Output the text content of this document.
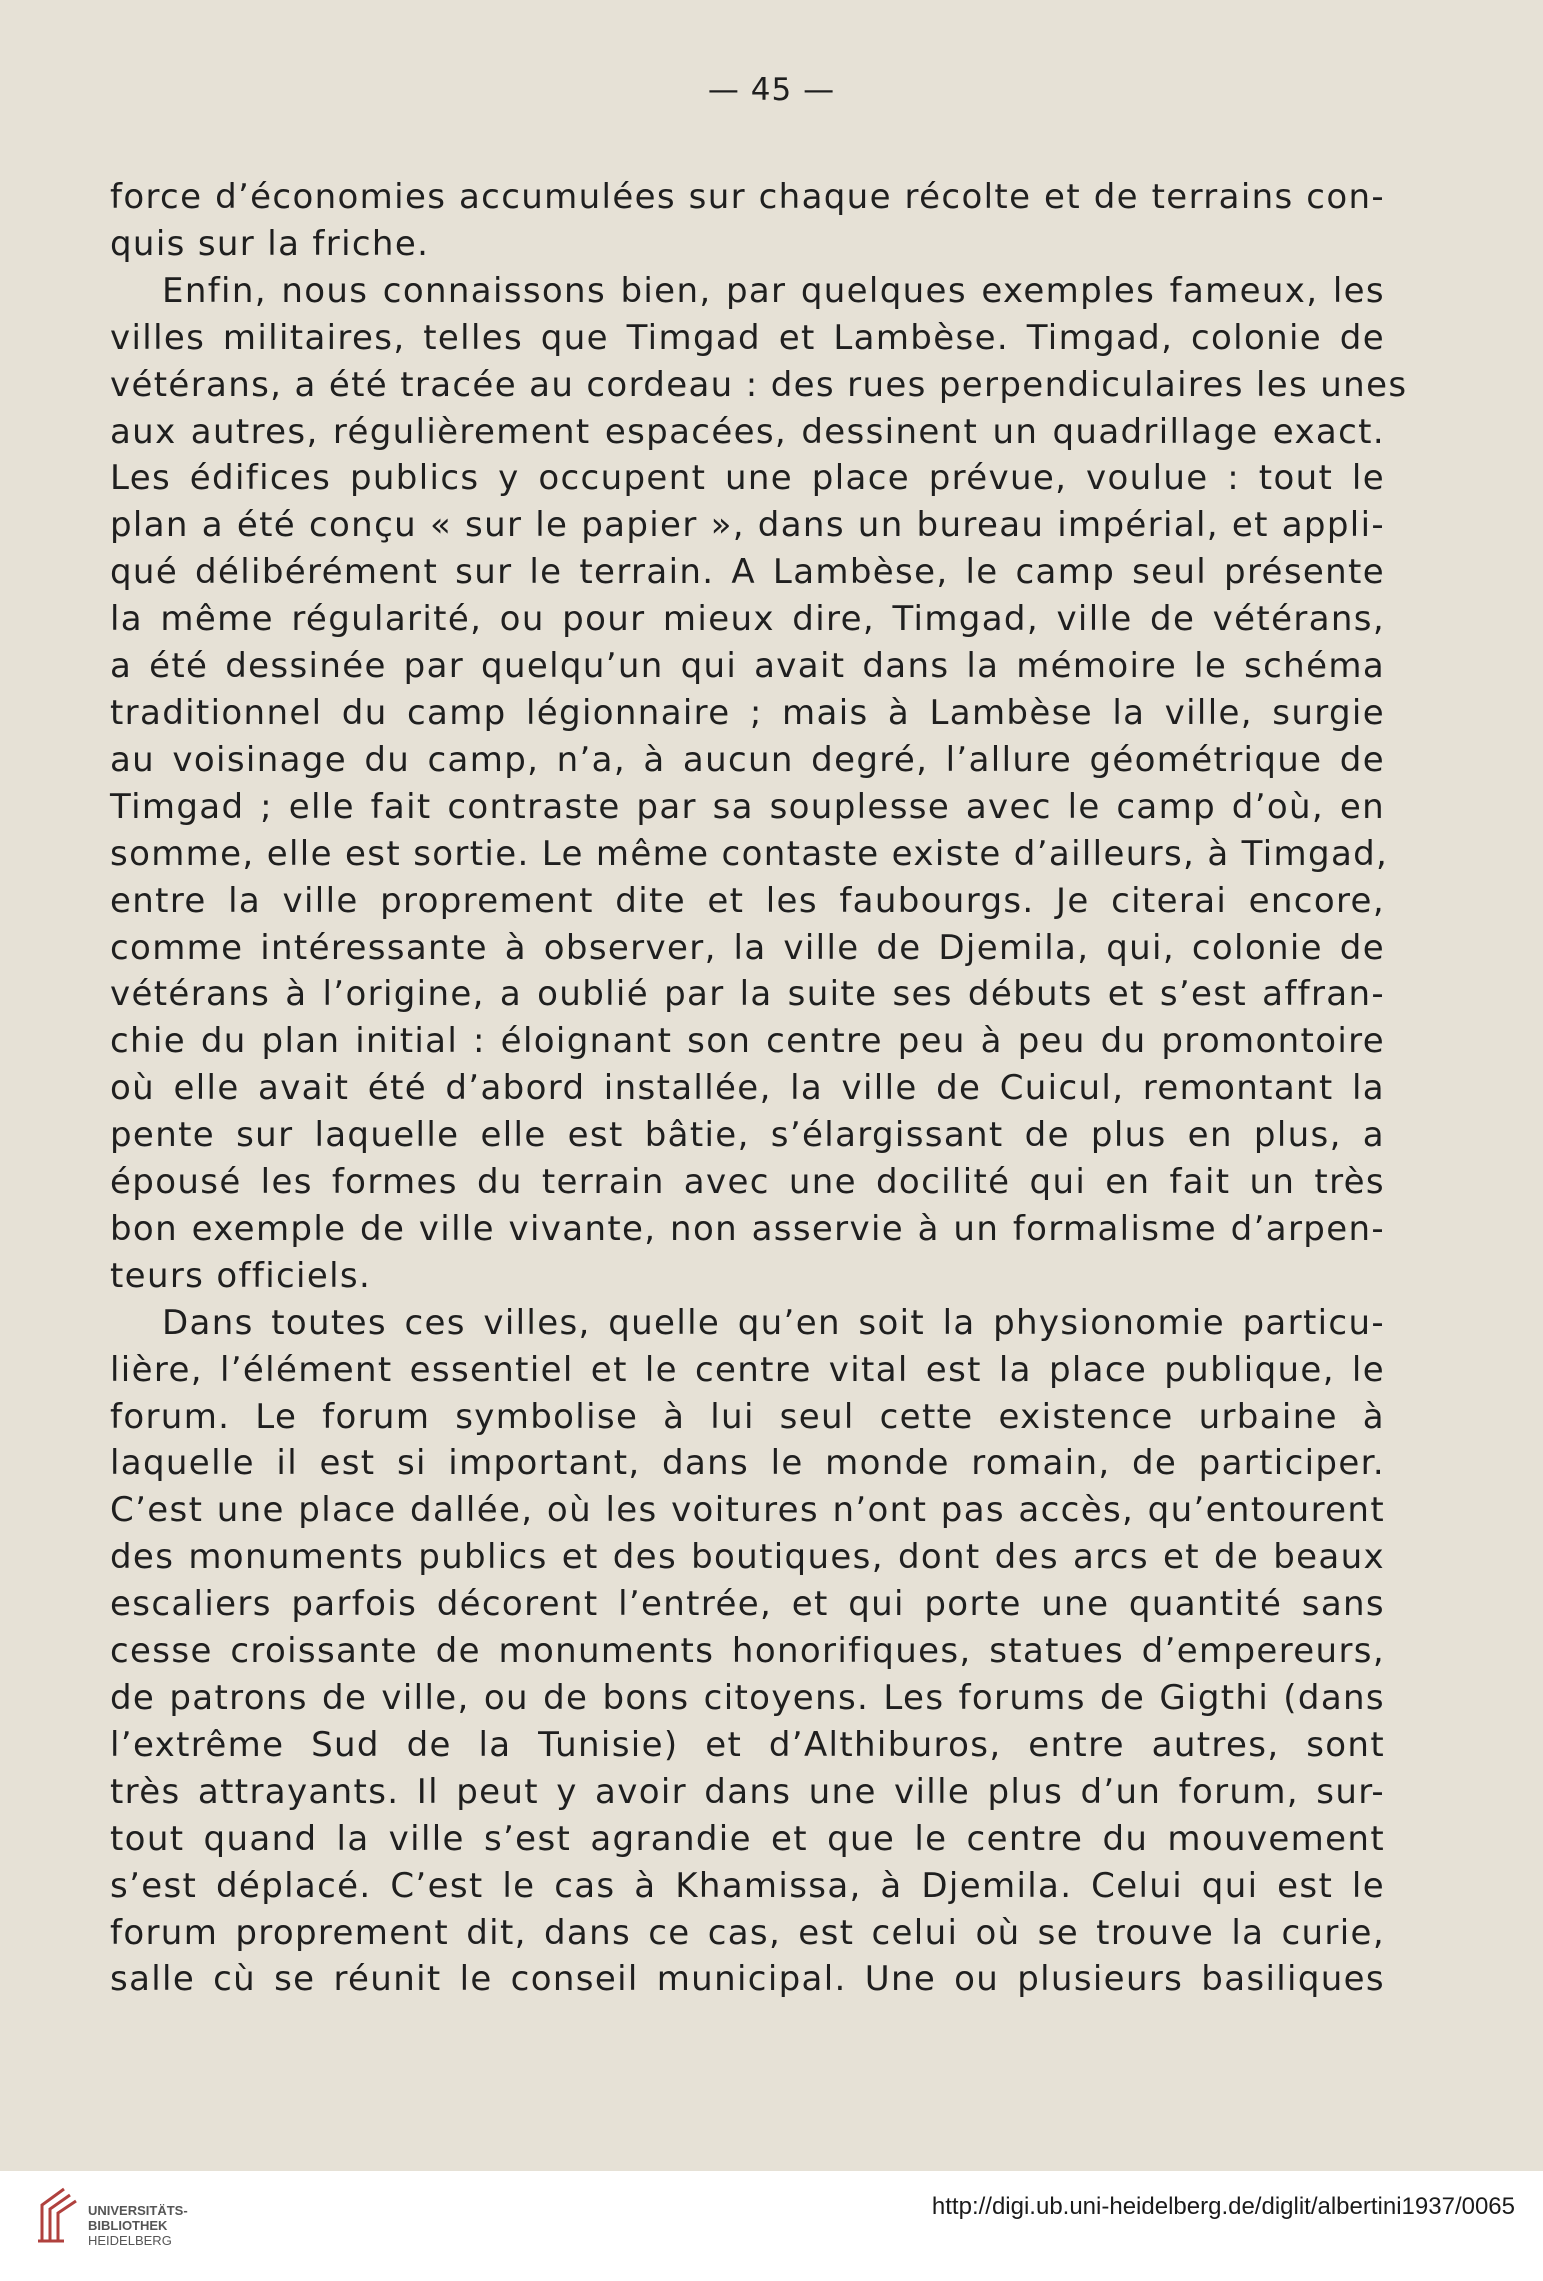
— 45 —
force d’économies accumulées sur chaque récolte et de terrains con-
quis sur la friche.
Enfin, nous connaissons bien, par quelques exemples fameux, les
villes militaires, telles que Timgad et Lambèse. Timgad, colonie de
vétérans, a été tracée au cordeau : des rues perpendiculaires les unes
aux autres, régulièrement espacées, dessinent un quadrillage exact.
Les édifices publics y occupent une place prévue, voulue : tout le
plan a été conçu « sur le papier », dans un bureau impérial, et appli-
qué délibérément sur le terrain. A Lambèse, le camp seul présente
la même régularité, ou pour mieux dire, Timgad, ville de vétérans,
a été dessinée par quelqu’un qui avait dans la mémoire le schéma
traditionnel du camp légionnaire ; mais à Lambèse la ville, surgie
au voisinage du camp, n’a, à aucun degré, l’allure géométrique de
Timgad ; elle fait contraste par sa souplesse avec le camp d’où, en
somme, elle est sortie. Le même contaste existe d’ailleurs, à Timgad,
entre la ville proprement dite et les faubourgs. Je citerai encore,
comme intéressante à observer, la ville de Djemila, qui, colonie de
vétérans à l’origine, a oublié par la suite ses débuts et s’est affran-
chie du plan initial : éloignant son centre peu à peu du promontoire
où elle avait été d’abord installée, la ville de Cuicul, remontant la
pente sur laquelle elle est bâtie, s’élargissant de plus en plus, a
épousé les formes du terrain avec une docilité qui en fait un très
bon exemple de ville vivante, non asservie à un formalisme d’arpen-
teurs officiels.
Dans toutes ces villes, quelle qu’en soit la physionomie particu-
lière, l’élément essentiel et le centre vital est la place publique, le
forum. Le forum symbolise à lui seul cette existence urbaine à
laquelle il est si important, dans le monde romain, de participer.
C’est une place dallée, où les voitures n’ont pas accès, qu’entourent
des monuments publics et des boutiques, dont des arcs et de beaux
escaliers parfois décorent l’entrée, et qui porte une quantité sans
cesse croissante de monuments honorifiques, statues d’empereurs,
de patrons de ville, ou de bons citoyens. Les forums de Gigthi (dans
l’extrême Sud de la Tunisie) et d’Althiburos, entre autres, sont
très attrayants. Il peut y avoir dans une ville plus d’un forum, sur-
tout quand la ville s’est agrandie et que le centre du mouvement
s’est déplacé. C’est le cas à Khamissa, à Djemila. Celui qui est le
forum proprement dit, dans ce cas, est celui où se trouve la curie,
salle cù se réunit le conseil municipal. Une ou plusieurs basiliques
UNIVERSITÄTS-
BIBLIOTHEK
HEIDELBERG
http://digi.ub.uni-heidelberg.de/diglit/albertini1937/0065
